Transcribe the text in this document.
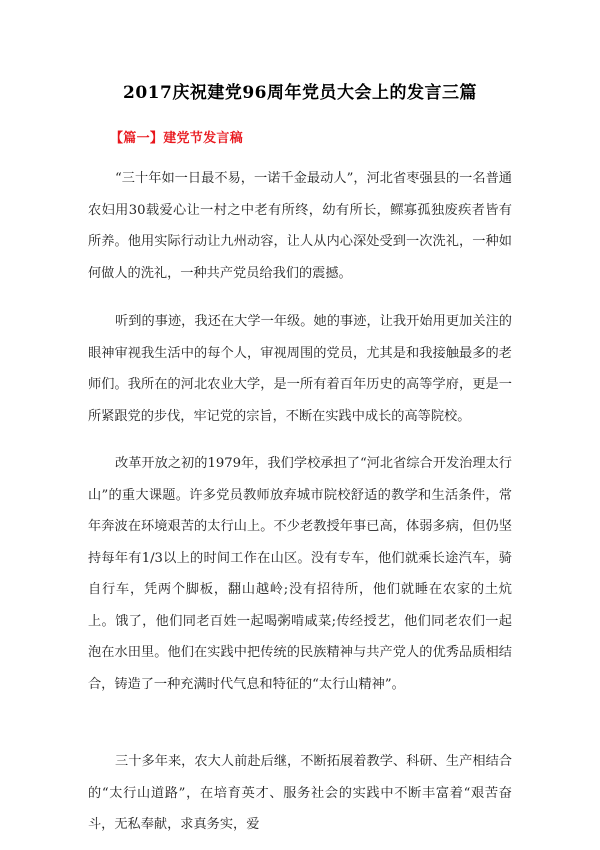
2017庆祝建党96周年党员大会上的发言三篇
【篇一】建党节发言稿

“三十年如一日最不易，一诺千金最动人”，河北省枣强县的一名普通农妇用30载爱心让一村之中老有所终，幼有所长，鳏寡孤独废疾者皆有所养。他用实际行动让九州动容，让人从内心深处受到一次洗礼，一种如何做人的洗礼，一种共产党员给我们的震撼。

听到的事迹，我还在大学一年级。她的事迹，让我开始用更加关注的眼神审视我生活中的每个人，审视周围的党员，尤其是和我接触最多的老师们。我所在的河北农业大学，是一所有着百年历史的高等学府，更是一所紧跟党的步伐，牢记党的宗旨，不断在实践中成长的高等院校。

改革开放之初的1979年，我们学校承担了“河北省综合开发治理太行山”的重大课题。许多党员教师放弃城市院校舒适的教学和生活条件，常年奔波在环境艰苦的太行山上。不少老教授年事已高，体弱多病，但仍坚持每年有1/3以上的时间工作在山区。没有专车，他们就乘长途汽车，骑自行车，凭两个脚板，翻山越岭;没有招待所，他们就睡在农家的土炕上。饿了，他们同老百姓一起喝粥啃咸菜;传经授艺，他们同老农们一起泡在水田里。他们在实践中把传统的民族精神与共产党人的优秀品质相结合，铸造了一种充满时代气息和特征的“太行山精神”。

三十多年来，农大人前赴后继，不断拓展着教学、科研、生产相结合的“太行山道路”，在培育英才、服务社会的实践中不断丰富着“艰苦奋斗，无私奉献，求真务实，爱
